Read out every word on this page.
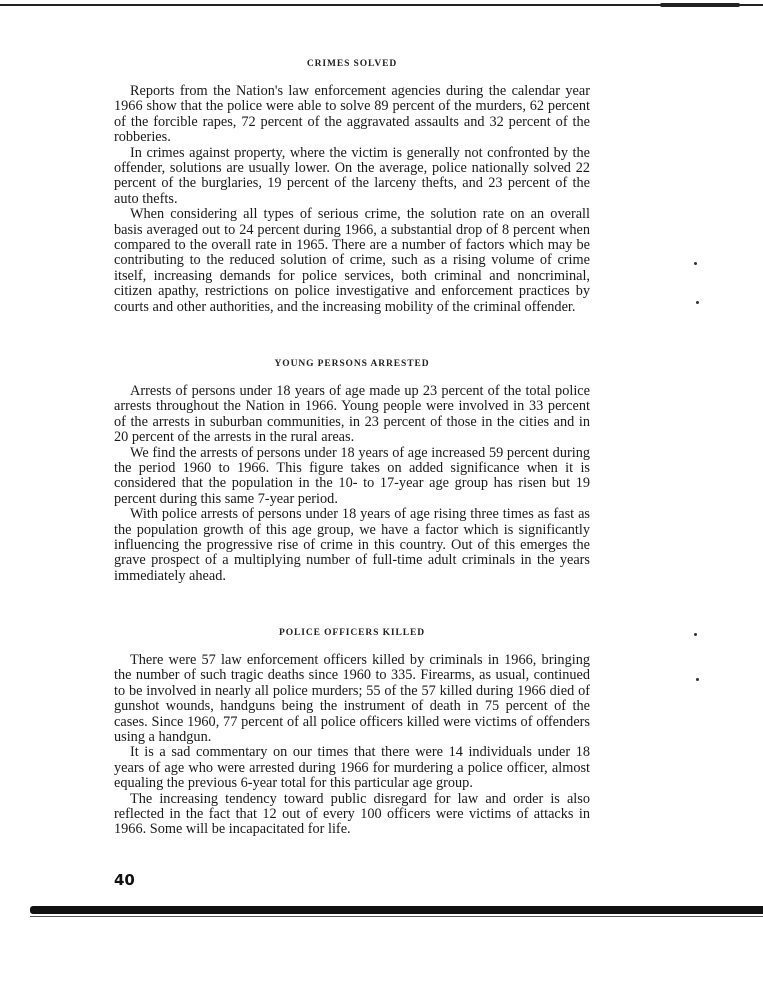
CRIMES SOLVED

Reports from the Nation's law enforcement agencies during the calendar year 1966 show that the police were able to solve 89 percent of the murders, 62 percent of the forcible rapes, 72 percent of the aggravated assaults and 32 percent of the robberies.

In crimes against property, where the victim is generally not confronted by the offender, solutions are usually lower. On the average, police nationally solved 22 percent of the burglaries, 19 percent of the larceny thefts, and 23 percent of the auto thefts.

When considering all types of serious crime, the solution rate on an overall basis averaged out to 24 percent during 1966, a substantial drop of 8 percent when compared to the overall rate in 1965. There are a number of factors which may be contributing to the reduced solution of crime, such as a rising volume of crime itself, increasing demands for police services, both criminal and noncriminal, citizen apathy, restrictions on police investigative and enforcement practices by courts and other authorities, and the increasing mobility of the criminal offender.

YOUNG PERSONS ARRESTED

Arrests of persons under 18 years of age made up 23 percent of the total police arrests throughout the Nation in 1966. Young people were involved in 33 percent of the arrests in suburban communities, in 23 percent of those in the cities and in 20 percent of the arrests in the rural areas.

We find the arrests of persons under 18 years of age increased 59 percent during the period 1960 to 1966. This figure takes on added significance when it is considered that the population in the 10- to 17-year age group has risen but 19 percent during this same 7-year period.

With police arrests of persons under 18 years of age rising three times as fast as the population growth of this age group, we have a factor which is significantly influencing the progressive rise of crime in this country. Out of this emerges the grave prospect of a multiplying number of full-time adult criminals in the years immediately ahead.

POLICE OFFICERS KILLED

There were 57 law enforcement officers killed by criminals in 1966, bringing the number of such tragic deaths since 1960 to 335. Firearms, as usual, continued to be involved in nearly all police murders; 55 of the 57 killed during 1966 died of gunshot wounds, handguns being the instrument of death in 75 percent of the cases. Since 1960, 77 percent of all police officers killed were victims of offenders using a handgun.

It is a sad commentary on our times that there were 14 individuals under 18 years of age who were arrested during 1966 for murdering a police officer, almost equaling the previous 6-year total for this particular age group.

The increasing tendency toward public disregard for law and order is also reflected in the fact that 12 out of every 100 officers were victims of attacks in 1966. Some will be incapacitated for life.

40
